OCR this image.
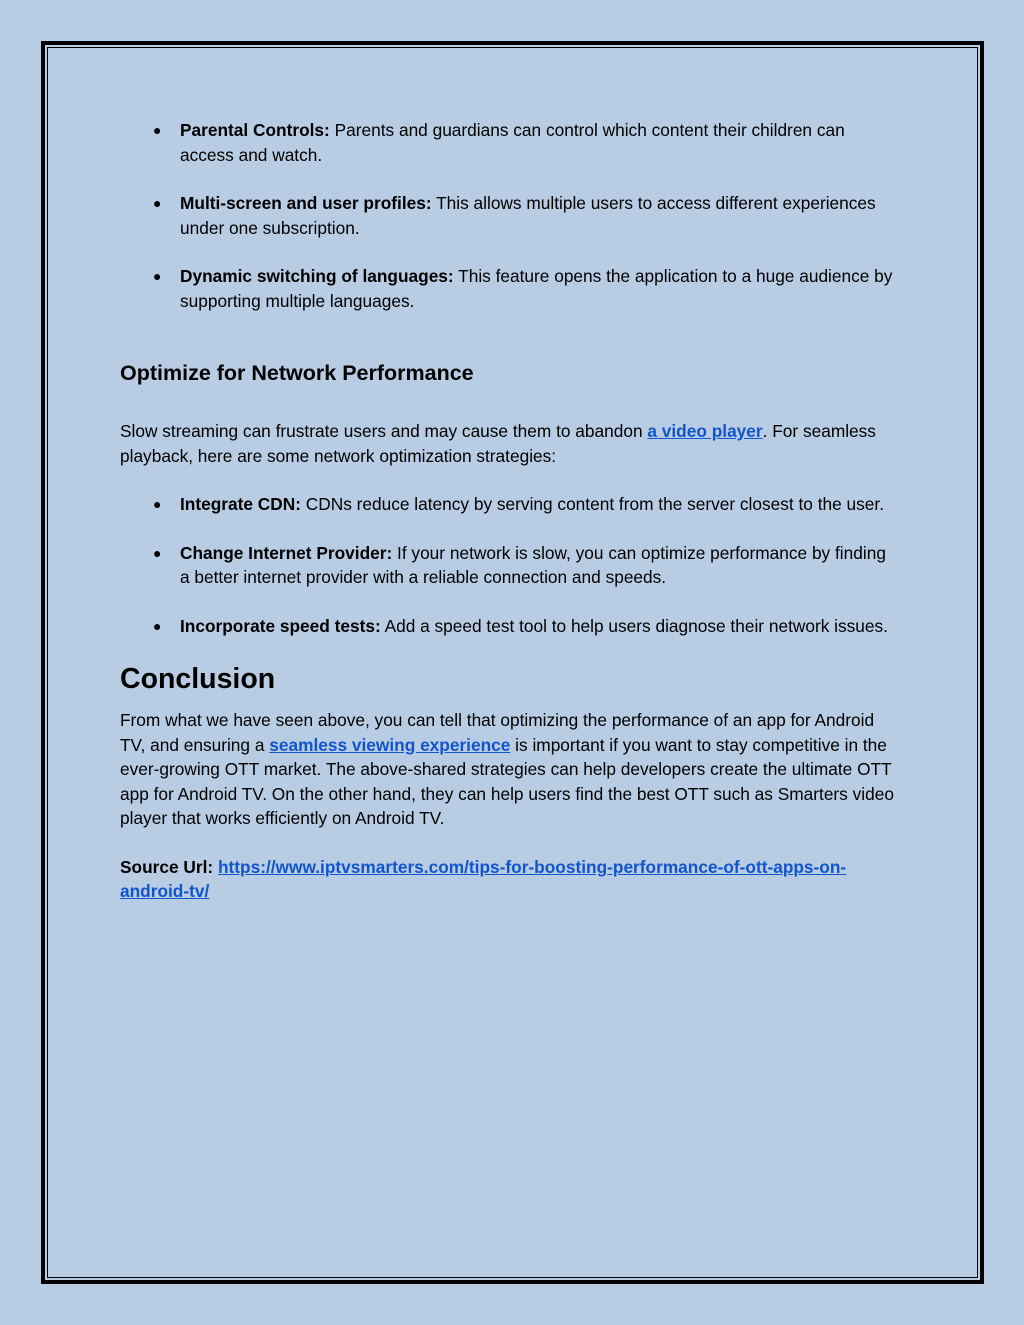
● Parental Controls: Parents and guardians can control which content their children can access and watch.
● Multi-screen and user profiles: This allows multiple users to access different experiences under one subscription.
● Dynamic switching of languages: This feature opens the application to a huge audience by supporting multiple languages.
Optimize for Network Performance

Slow streaming can frustrate users and may cause them to abandon a video player. For seamless playback, here are some network optimization strategies:

● Integrate CDN: CDNs reduce latency by serving content from the server closest to the user.
● Change Internet Provider: If your network is slow, you can optimize performance by finding a better internet provider with a reliable connection and speeds.
● Incorporate speed tests: Add a speed test tool to help users diagnose their network issues.
Conclusion

From what we have seen above, you can tell that optimizing the performance of an app for Android TV, and ensuring a seamless viewing experience is important if you want to stay competitive in the ever-growing OTT market. The above-shared strategies can help developers create the ultimate OTT app for Android TV. On the other hand, they can help users find the best OTT such as Smarters video player that works efficiently on Android TV.

Source Url: https://www.iptvsmarters.com/tips-for-boosting-performance-of-ott-apps-on-android-tv/
